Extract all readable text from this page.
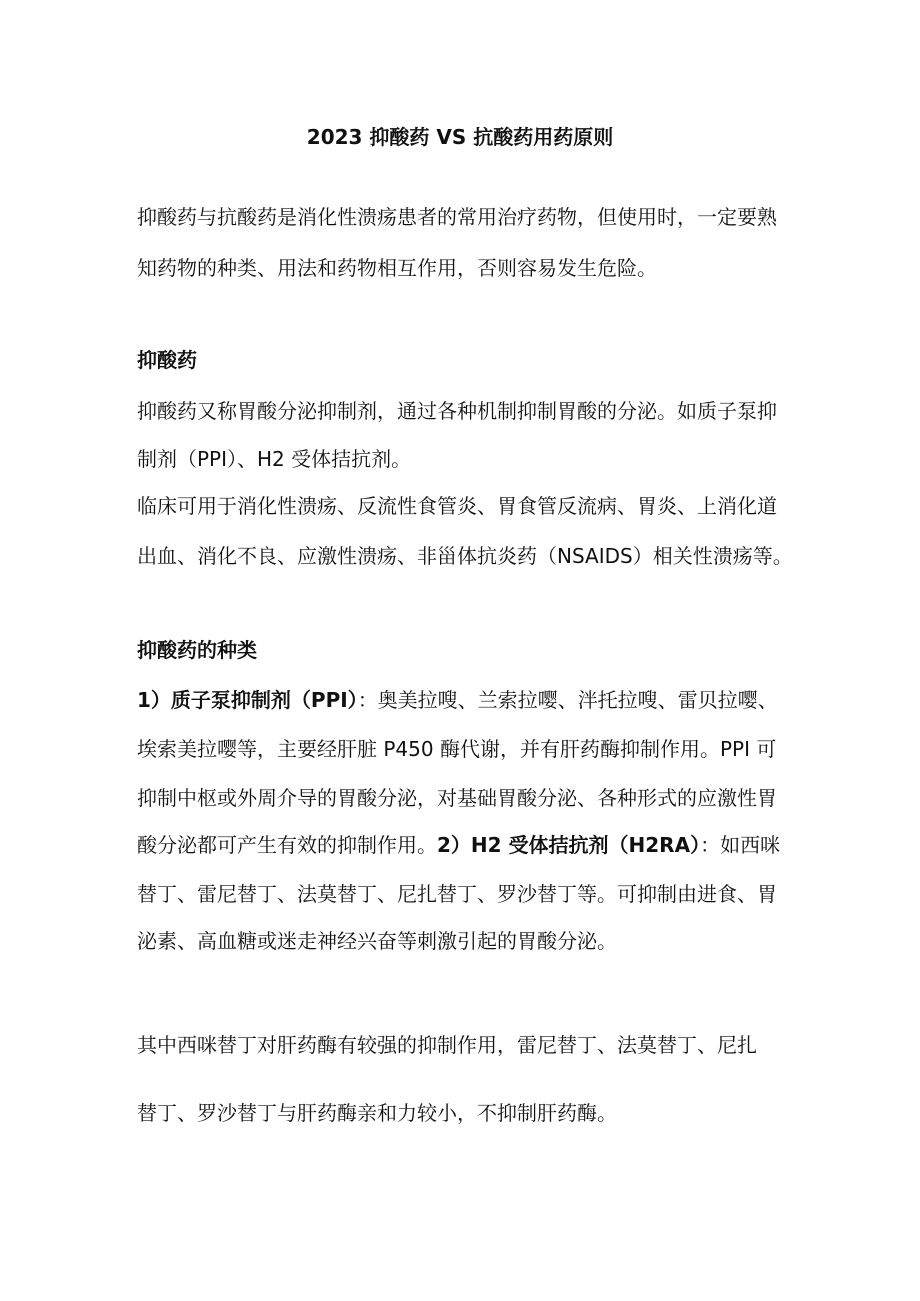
2023 抑酸药 VS 抗酸药用药原则

抑酸药与抗酸药是消化性溃疡患者的常用治疗药物，但使用时，一定要熟

知药物的种类、用法和药物相互作用，否则容易发生危险。

抑酸药

抑酸药又称胃酸分泌抑制剂，通过各种机制抑制胃酸的分泌。如质子泵抑

制剂（PPI）、H2 受体拮抗剂。

临床可用于消化性溃疡、反流性食管炎、胃食管反流病、胃炎、上消化道

出血、消化不良、应激性溃疡、非甾体抗炎药（NSAIDS）相关性溃疡等。

抑酸药的种类

1）质子泵抑制剂（PPI）：奥美拉嗖、兰索拉嘤、泮托拉嗖、雷贝拉嘤、

埃索美拉嘤等，主要经肝脏 P450 酶代谢，并有肝药酶抑制作用。PPI 可

抑制中枢或外周介导的胃酸分泌，对基础胃酸分泌、各种形式的应激性胃

酸分泌都可产生有效的抑制作用。2）H2 受体拮抗剂（H2RA）：如西咪

替丁、雷尼替丁、法莫替丁、尼扎替丁、罗沙替丁等。可抑制由进食、胃

泌素、高血糖或迷走神经兴奋等刺激引起的胃酸分泌。

其中西咪替丁对肝药酶有较强的抑制作用，雷尼替丁、法莫替丁、尼扎

替丁、罗沙替丁与肝药酶亲和力较小，不抑制肝药酶。
